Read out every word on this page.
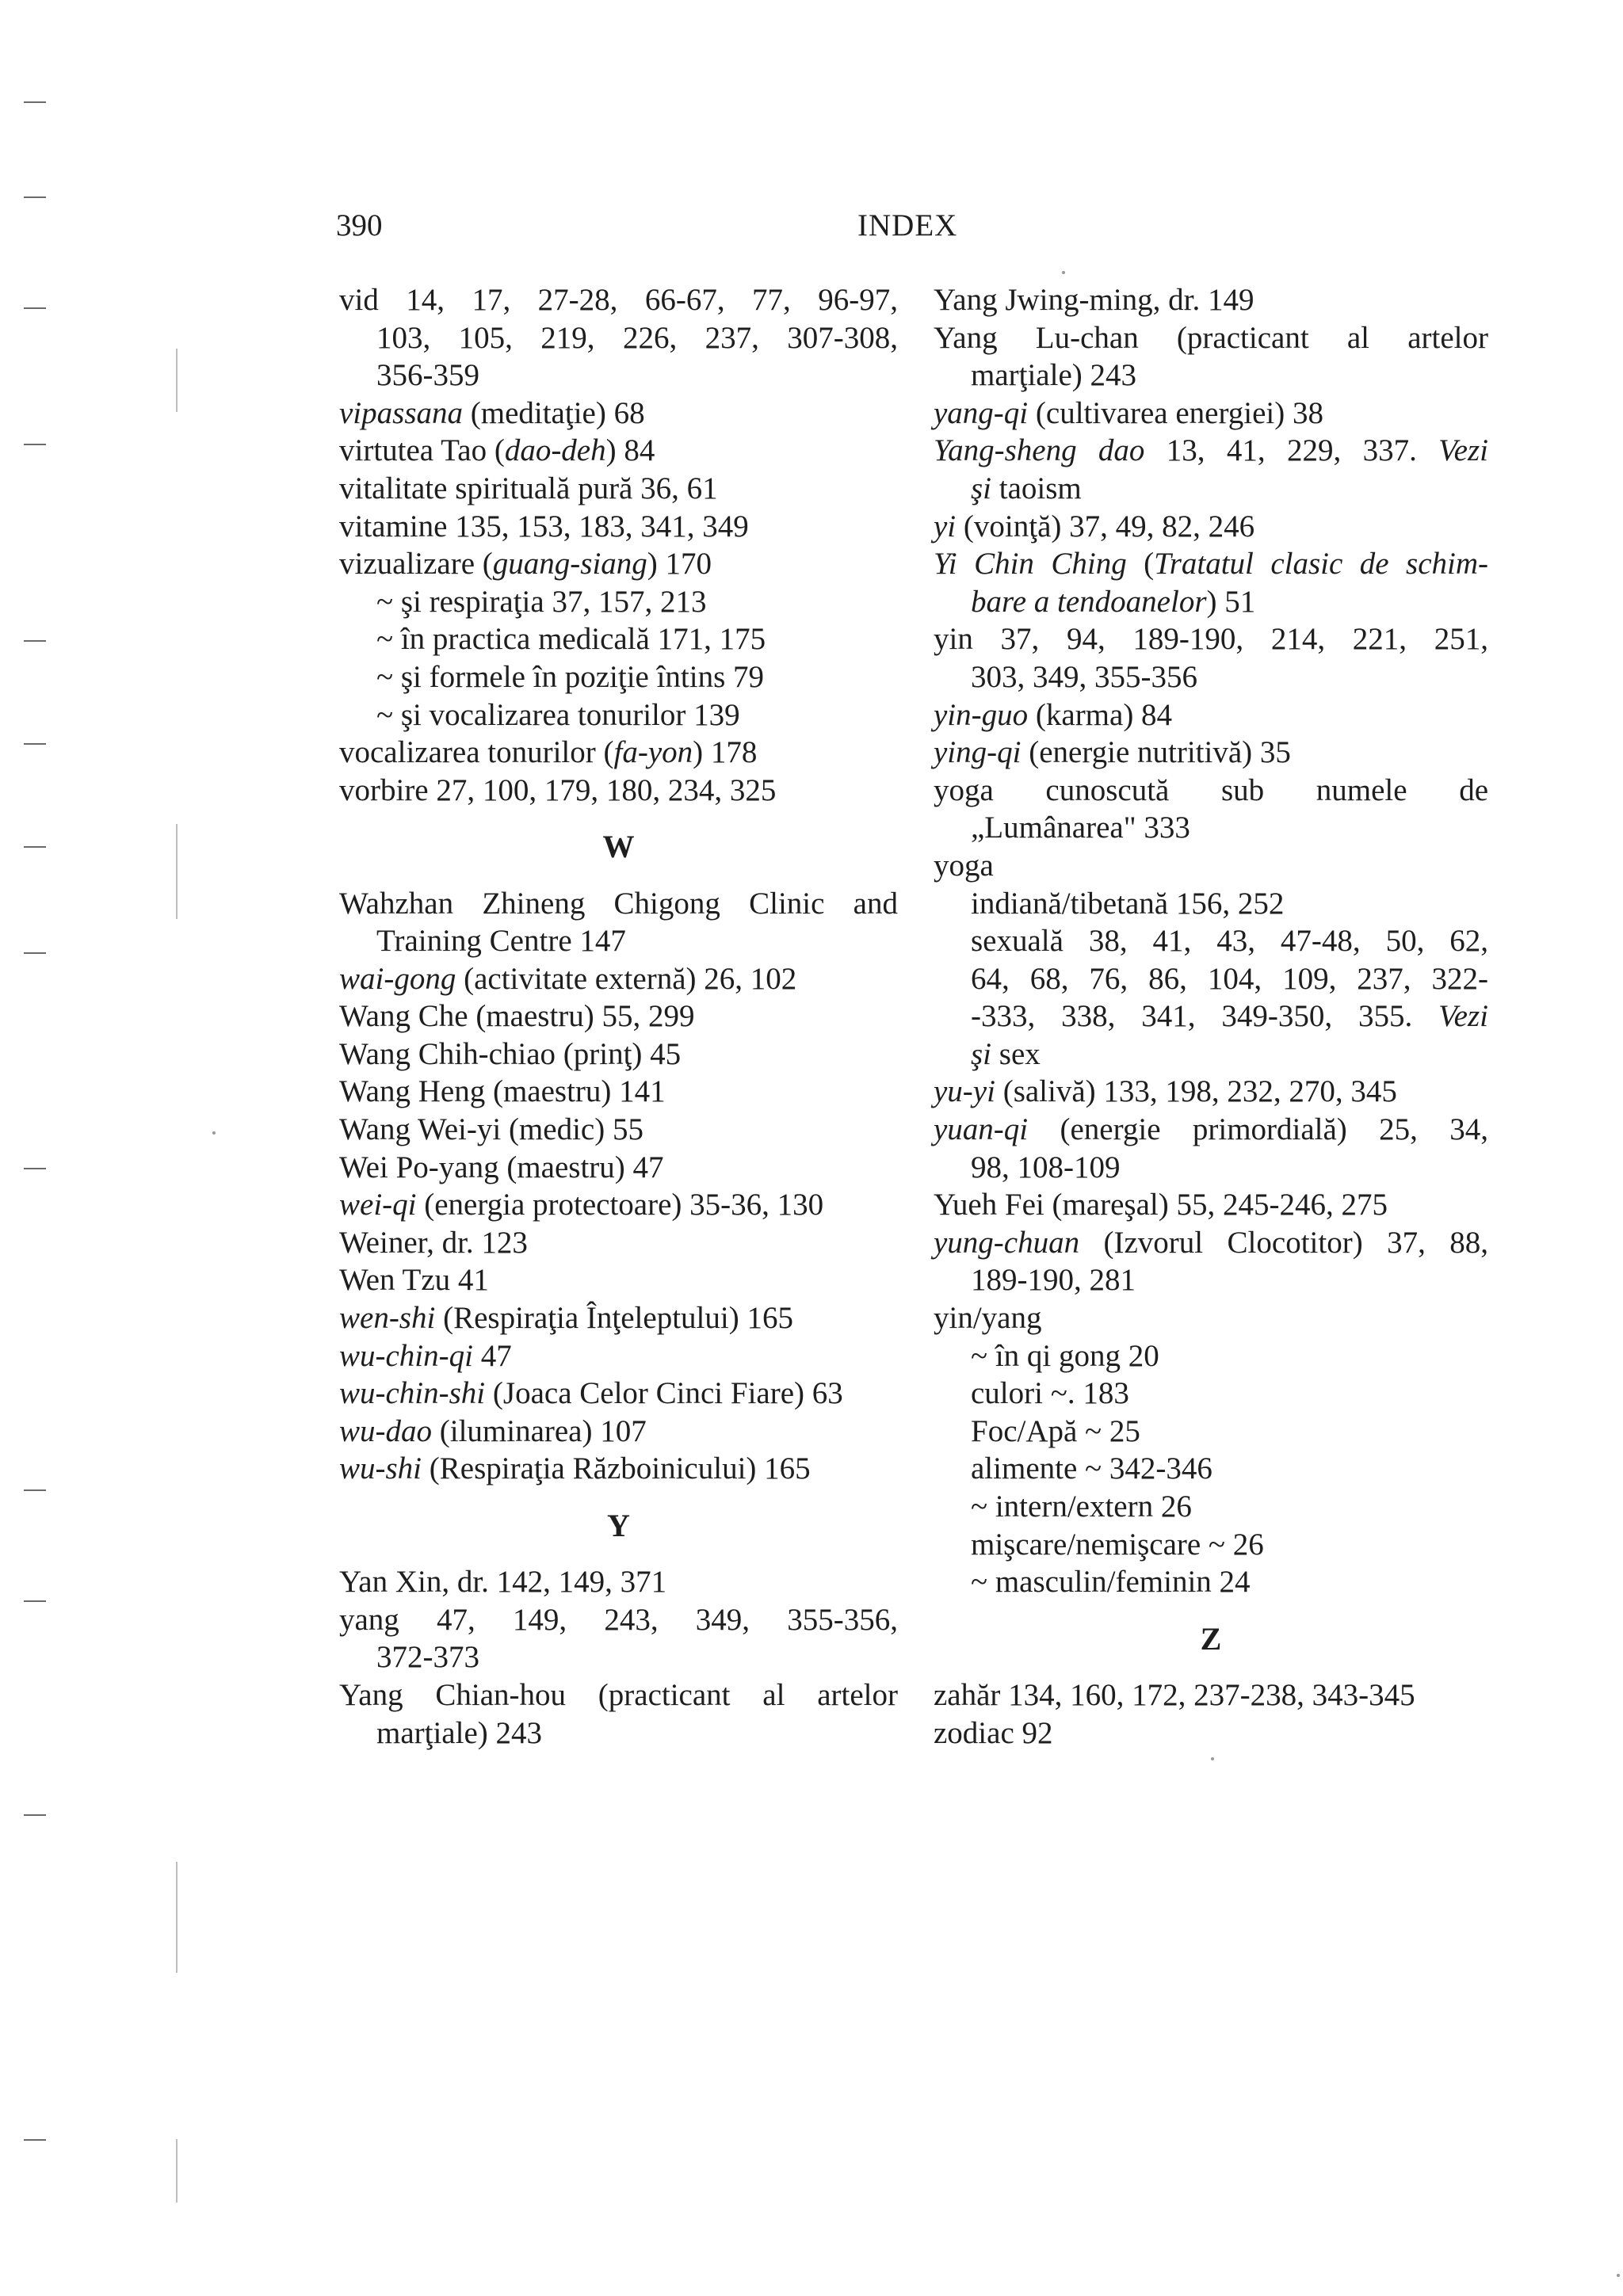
390	INDEX
vid 14, 17, 27-28, 66-67, 77, 96-97,
103, 105, 219, 226, 237, 307-308,
356-359
vipassana (meditaţie) 68
virtutea Tao (dao-deh) 84
vitalitate spirituală pură 36, 61
vitamine 135, 153, 183, 341, 349
vizualizare (guang-siang) 170
~ şi respiraţia 37, 157, 213
~ în practica medicală 171, 175
~ şi formele în poziţie întins 79
~ şi vocalizarea tonurilor 139
vocalizarea tonurilor (fa-yon) 178
vorbire 27, 100, 179, 180, 234, 325
W
Wahzhan Zhineng Chigong Clinic and
Training Centre 147
wai-gong (activitate externă) 26, 102
Wang Che (maestru) 55, 299
Wang Chih-chiao (prinţ) 45
Wang Heng (maestru) 141
Wang Wei-yi (medic) 55
Wei Po-yang (maestru) 47
wei-qi (energia protectoare) 35-36, 130
Weiner, dr. 123
Wen Tzu 41
wen-shi (Respiraţia Înţeleptului) 165
wu-chin-qi 47
wu-chin-shi (Joaca Celor Cinci Fiare) 63
wu-dao (iluminarea) 107
wu-shi (Respiraţia Războinicului) 165
Y
Yan Xin, dr. 142, 149, 371
yang 47, 149, 243, 349, 355-356,
372-373
Yang Chian-hou (practicant al artelor
marţiale) 243
Yang Jwing-ming, dr. 149
Yang Lu-chan (practicant al artelor
marţiale) 243
yang-qi (cultivarea energiei) 38
Yang-sheng dao 13, 41, 229, 337. Vezi
şi taoism
yi (voinţă) 37, 49, 82, 246
Yi Chin Ching (Tratatul clasic de schim-
bare a tendoanelor) 51
yin 37, 94, 189-190, 214, 221, 251,
303, 349, 355-356
yin-guo (karma) 84
ying-qi (energie nutritivă) 35
yoga cunoscută sub numele de
„Lumânarea" 333
yoga
indiană/tibetană 156, 252
sexuală 38, 41, 43, 47-48, 50, 62,
64, 68, 76, 86, 104, 109, 237, 322-
-333, 338, 341, 349-350, 355. Vezi
şi sex
yu-yi (salivă) 133, 198, 232, 270, 345
yuan-qi (energie primordială) 25, 34,
98, 108-109
Yueh Fei (mareşal) 55, 245-246, 275
yung-chuan (Izvorul Clocotitor) 37, 88,
189-190, 281
yin/yang
~ în qi gong 20
culori ~. 183
Foc/Apă ~ 25
alimente ~ 342-346
~ intern/extern 26
mişcare/nemişcare ~ 26
~ masculin/feminin 24
Z
zahăr 134, 160, 172, 237-238, 343-345
zodiac 92
